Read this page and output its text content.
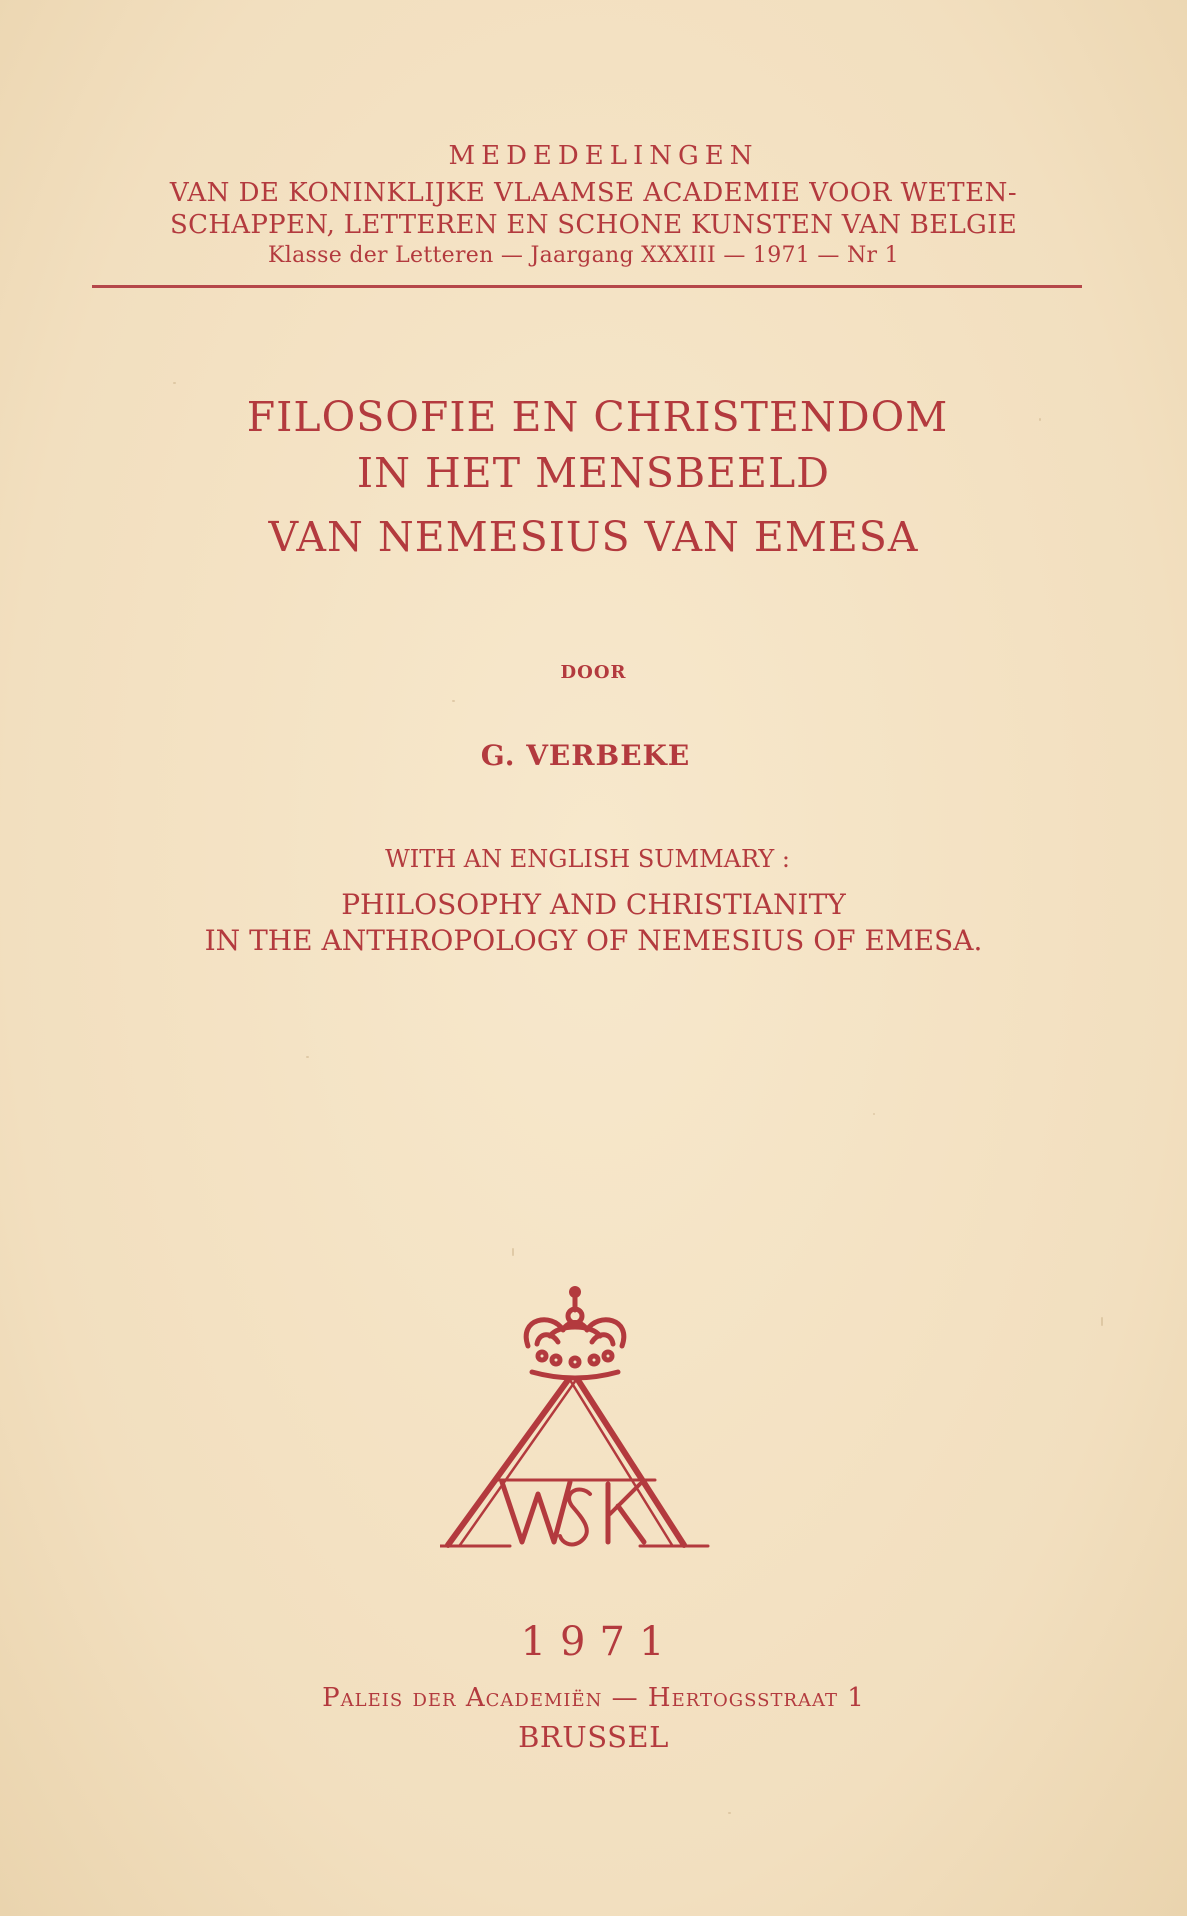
MEDEDELINGEN
VAN DE KONINKLIJKE VLAAMSE ACADEMIE VOOR WETEN-
SCHAPPEN, LETTEREN EN SCHONE KUNSTEN VAN BELGIE
Klasse der Letteren — Jaargang XXXIII — 1971 — Nr 1
FILOSOFIE EN CHRISTENDOM
IN HET MENSBEELD
VAN NEMESIUS VAN EMESA
DOOR
G. VERBEKE
WITH AN ENGLISH SUMMARY :
PHILOSOPHY AND CHRISTIANITY
IN THE ANTHROPOLOGY OF NEMESIUS OF EMESA.
1971
Paleis der Academiën — Hertogsstraat 1
BRUSSEL
